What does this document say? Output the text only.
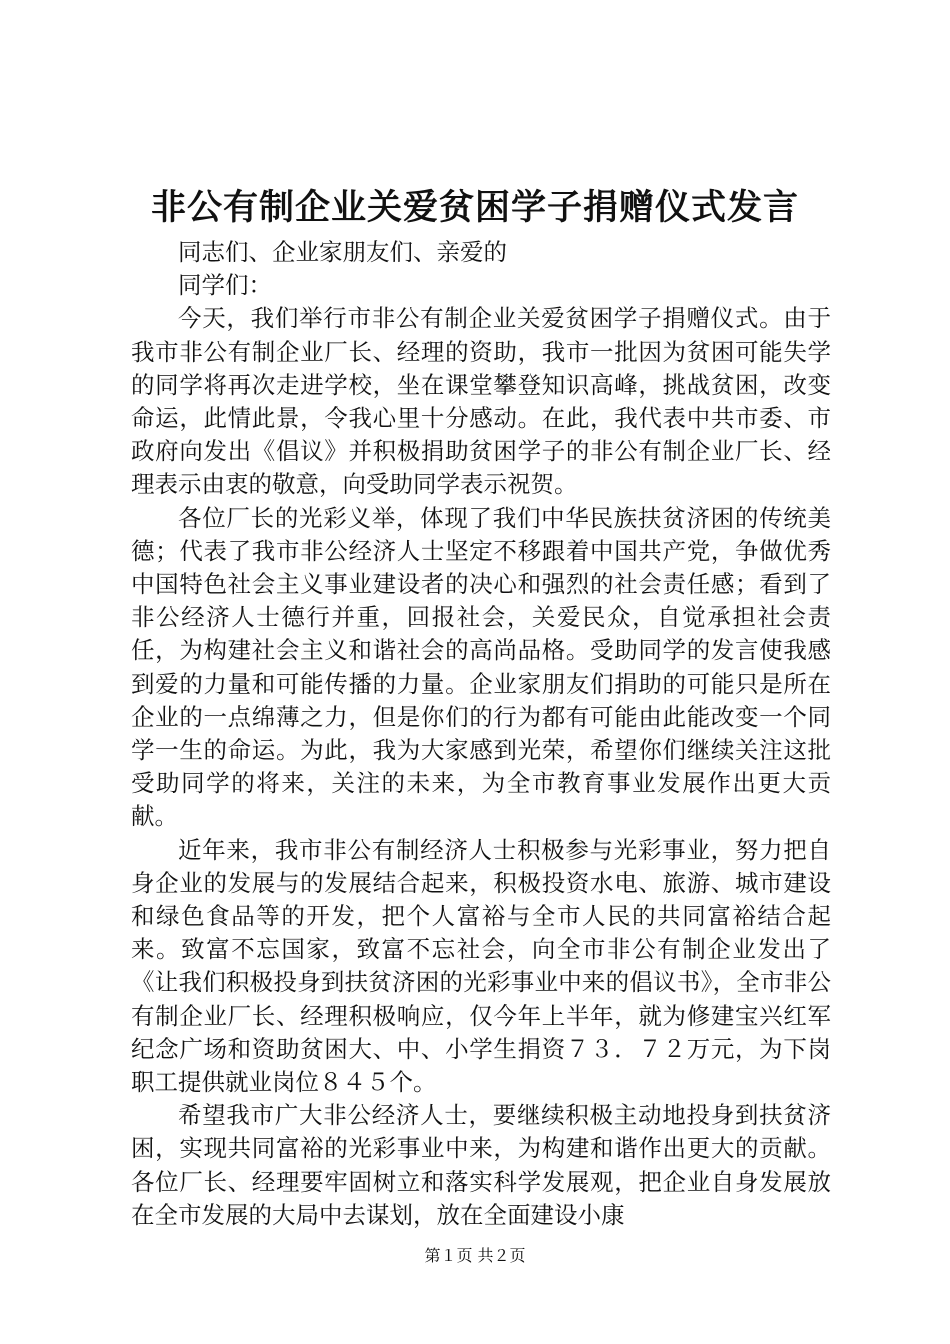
非公有制企业关爱贫困学子捐赠仪式发言

同志们、企业家朋友们、亲爱的

同学们：

今天，我们举行市非公有制企业关爱贫困学子捐赠仪式。由于我市非公有制企业厂长、经理的资助，我市一批因为贫困可能失学的同学将再次走进学校，坐在课堂攀登知识高峰，挑战贫困，改变命运，此情此景，令我心里十分感动。在此，我代表中共市委、市政府向发出《倡议》并积极捐助贫困学子的非公有制企业厂长、经理表示由衷的敬意，向受助同学表示祝贺。

各位厂长的光彩义举，体现了我们中华民族扶贫济困的传统美德；代表了我市非公经济人士坚定不移跟着中国共产党，争做优秀中国特色社会主义事业建设者的决心和强烈的社会责任感；看到了非公经济人士德行并重，回报社会，关爱民众，自觉承担社会责任，为构建社会主义和谐社会的高尚品格。受助同学的发言使我感到爱的力量和可能传播的力量。企业家朋友们捐助的可能只是所在企业的一点绵薄之力，但是你们的行为都有可能由此能改变一个同学一生的命运。为此，我为大家感到光荣，希望你们继续关注这批受助同学的将来，关注的未来，为全市教育事业发展作出更大贡献。

近年来，我市非公有制经济人士积极参与光彩事业，努力把自身企业的发展与的发展结合起来，积极投资水电、旅游、城市建设和绿色食品等的开发，把个人富裕与全市人民的共同富裕结合起来。致富不忘国家，致富不忘社会，向全市非公有制企业发出了《让我们积极投身到扶贫济困的光彩事业中来的倡议书》，全市非公有制企业厂长、经理积极响应，仅今年上半年，就为修建宝兴红军纪念广场和资助贫困大、中、小学生捐资７３．７２万元，为下岗职工提供就业岗位８４５个。

希望我市广大非公经济人士，要继续积极主动地投身到扶贫济困，实现共同富裕的光彩事业中来，为构建和谐作出更大的贡献。各位厂长、经理要牢固树立和落实科学发展观，把企业自身发展放在全市发展的大局中去谋划，放在全面建设小康

第１页 共２页
